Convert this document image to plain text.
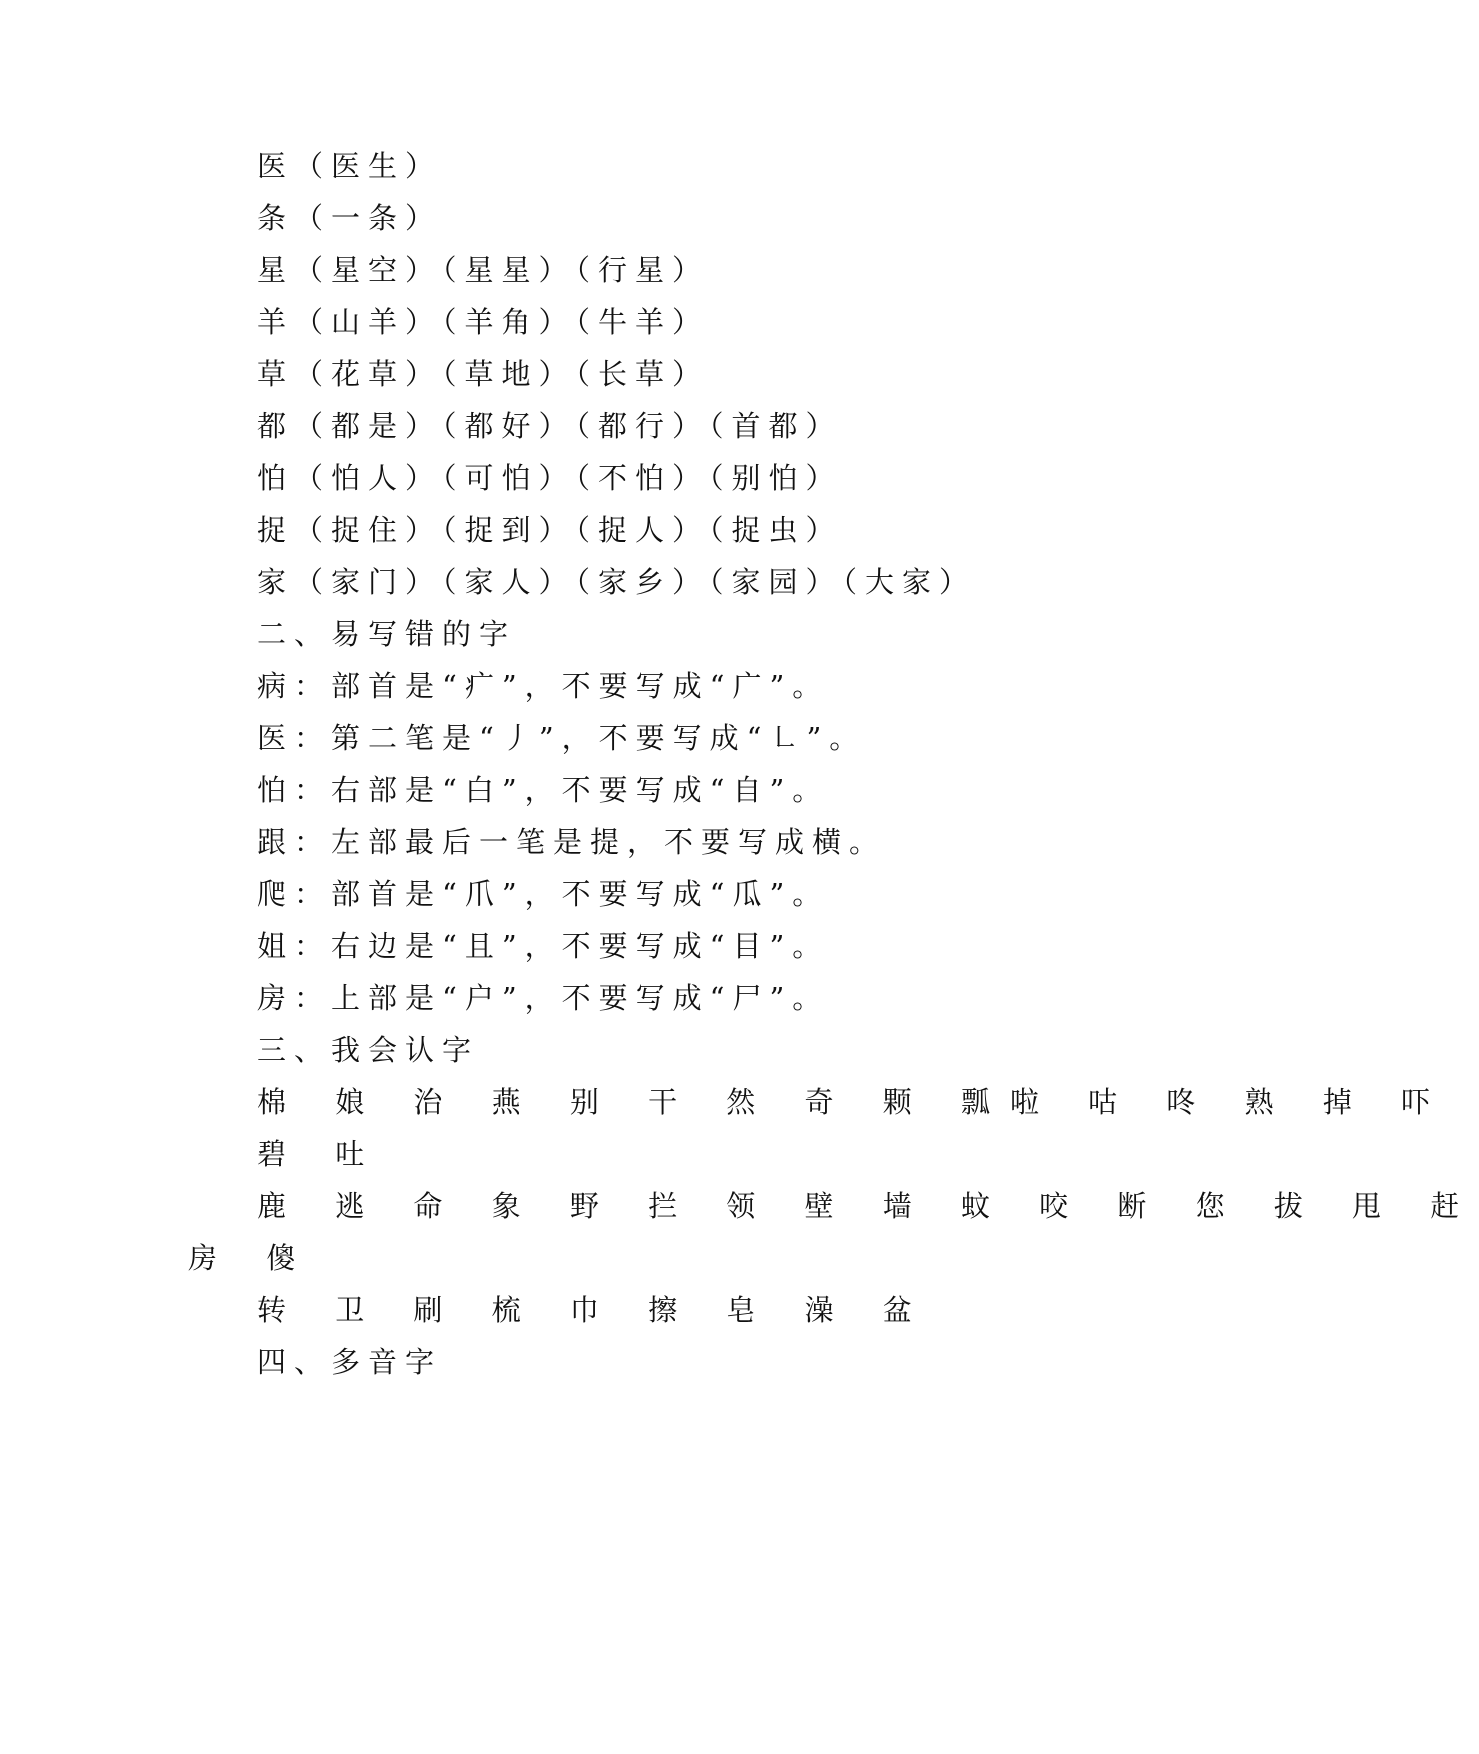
医（医生）
条（一条）
星（星空）（星星）（行星）
羊（山羊）（羊角）（牛羊）
草（花草）（草地）（长草）
都（都是）（都好）（都行）（首都）
怕（怕人）（可怕）（不怕）（别怕）
捉（捉住）（捉到）（捉人）（捉虫）
家（家门）（家人）（家乡）（家园）（大家）
二、易写错的字
病：部首是“疒”，不要写成“广”。
医：第二笔是“丿”，不要写成“㇗”。
怕：右部是“白”，不要写成“自”。
跟：左部最后一笔是提，不要写成横。
爬：部首是“爪”，不要写成“瓜”。
姐：右边是“且”，不要写成“目”。
房：上部是“户”，不要写成“尸”。
三、我会认字
棉 娘 治 燕 别 干 然 奇 颗 瓢啦 咕 咚 熟 掉 吓
碧 吐
鹿 逃 命 象 野 拦 领 壁 墙 蚊 咬 断 您 拔 甩 赶
房 傻
转 卫 刷 梳 巾 擦 皂 澡 盆
四、多音字
